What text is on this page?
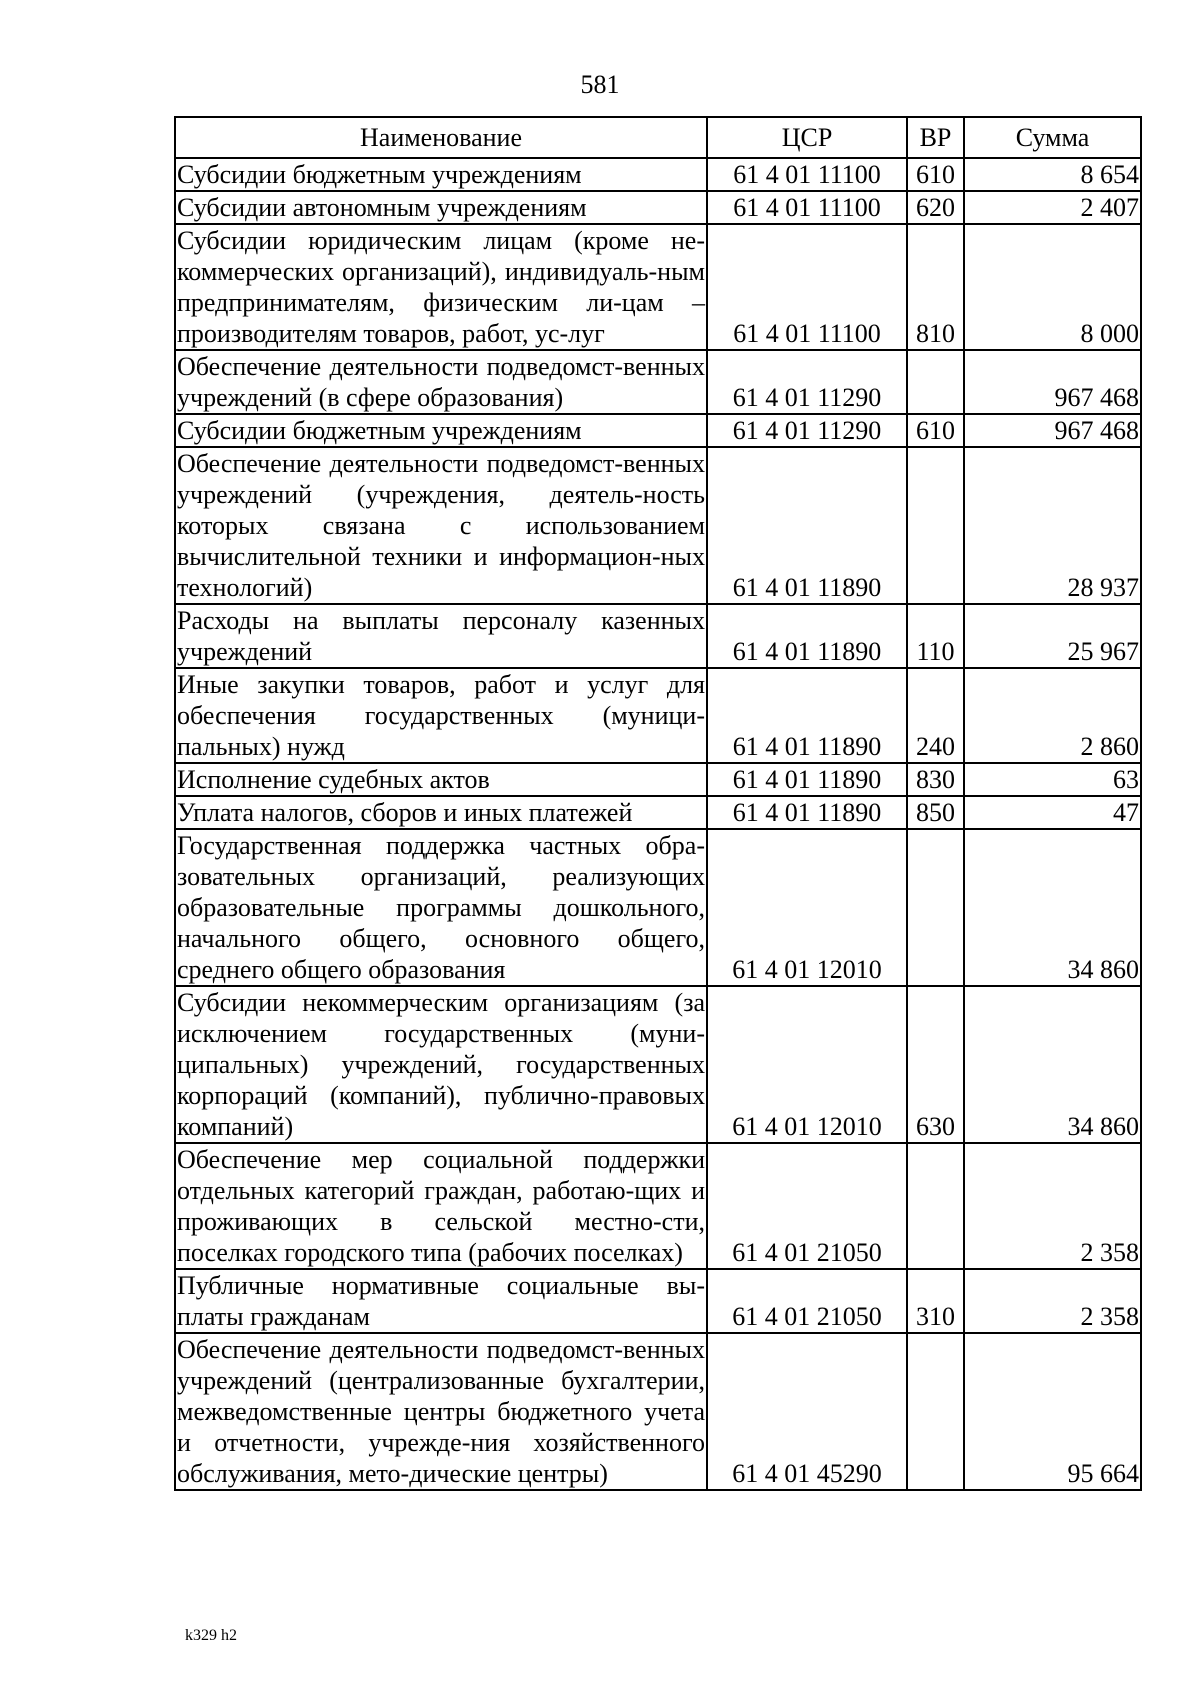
581
Наименование	ЦСР	ВР	Сумма
Субсидии бюджетным учреждениям	61 4 01 11100	610	8 654
Субсидии автономным учреждениям	61 4 01 11100	620	2 407
Субсидии юридическим лицам (кроме не-коммерческих организаций), индивидуаль-ным предпринимателям, физическим ли-цам – производителям товаров, работ, ус-луг	61 4 01 11100	810	8 000
Обеспечение деятельности подведомст-венных учреждений (в сфере образования)	61 4 01 11290		967 468
Субсидии бюджетным учреждениям	61 4 01 11290	610	967 468
Обеспечение деятельности подведомст-венных учреждений (учреждения, деятель-ность которых связана с использованием вычислительной техники и информацион-ных технологий)	61 4 01 11890		28 937
Расходы на выплаты персоналу казенных учреждений	61 4 01 11890	110	25 967
Иные закупки товаров, работ и услуг для обеспечения государственных (муници-пальных) нужд	61 4 01 11890	240	2 860
Исполнение судебных актов	61 4 01 11890	830	63
Уплата налогов, сборов и иных платежей	61 4 01 11890	850	47
Государственная поддержка частных обра-зовательных организаций, реализующих образовательные программы дошкольного, начального общего, основного общего, среднего общего образования	61 4 01 12010		34 860
Субсидии некоммерческим организациям (за исключением государственных (муни-ципальных) учреждений, государственных корпораций (компаний), публично-правовых компаний)	61 4 01 12010	630	34 860
Обеспечение мер социальной поддержки отдельных категорий граждан, работаю-щих и проживающих в сельской местно-сти, поселках городского типа (рабочих поселках)	61 4 01 21050		2 358
Публичные нормативные социальные вы-платы гражданам	61 4 01 21050	310	2 358
Обеспечение деятельности подведомст-венных учреждений (централизованные бухгалтерии, межведомственные центры бюджетного учета и отчетности, учрежде-ния хозяйственного обслуживания, мето-дические центры)	61 4 01 45290		95 664
k329 h2
